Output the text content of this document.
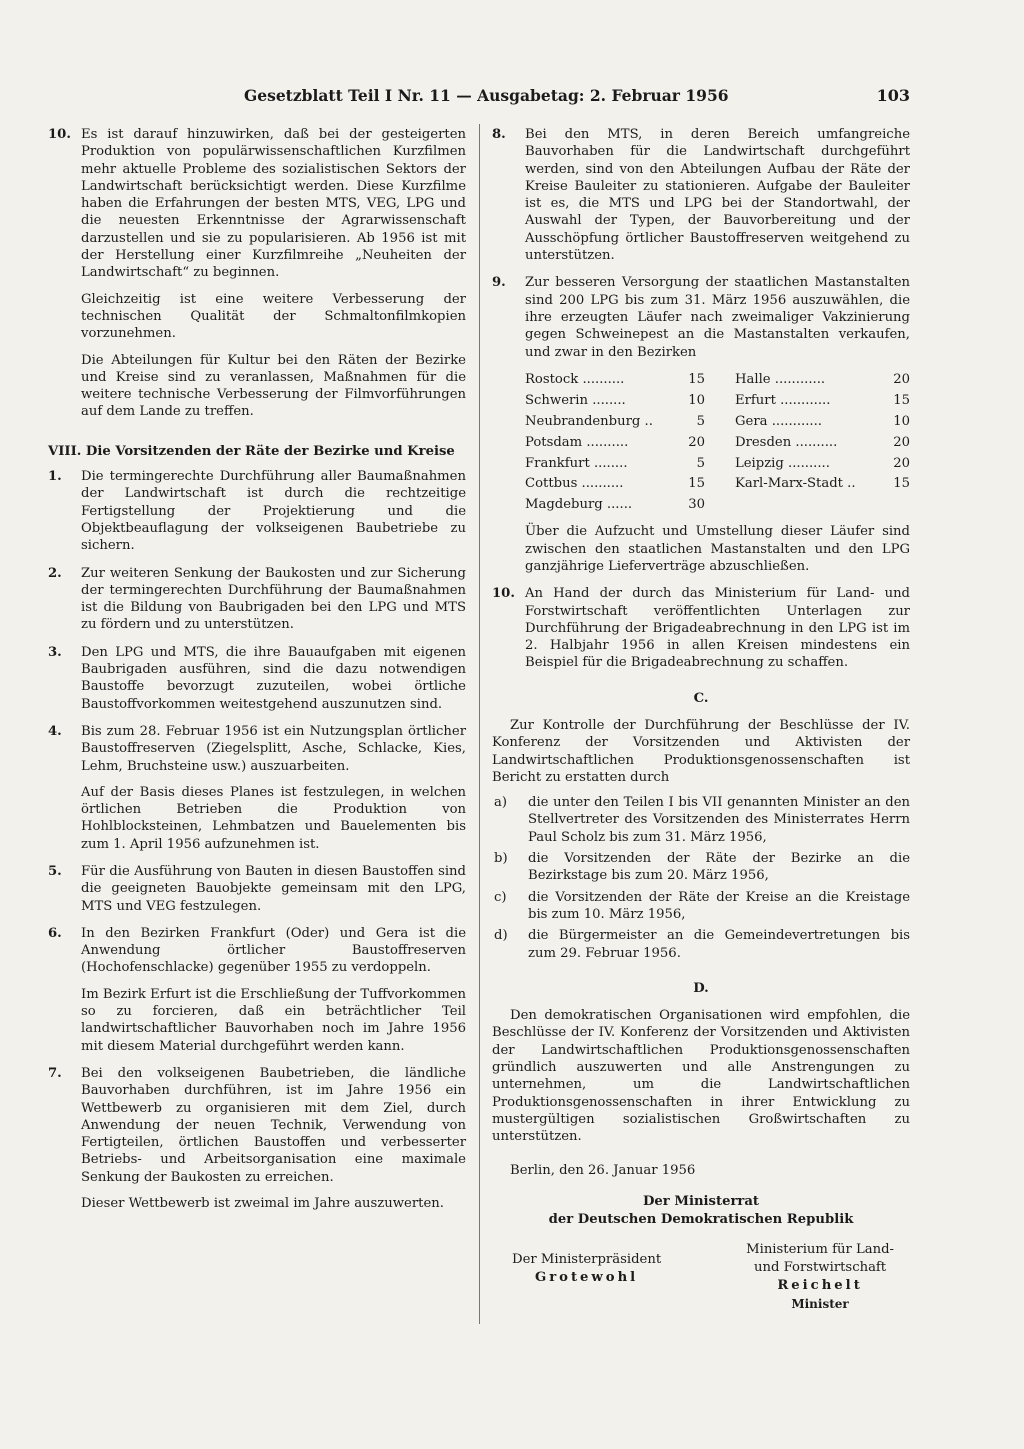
Gesetzblatt Teil I Nr. 11 — Ausgabetag: 2. Februar 1956	103
10. Es ist darauf hinzuwirken, daß bei der gesteigerten Produktion von populärwissenschaftlichen Kurzfilmen mehr aktuelle Probleme des sozialistischen Sektors der Landwirtschaft berücksichtigt werden. Diese Kurzfilme haben die Erfahrungen der besten MTS, VEG, LPG und die neuesten Erkenntnisse der Agrarwissenschaft darzustellen und sie zu popularisieren. Ab 1956 ist mit der Herstellung einer Kurzfilmreihe „Neuheiten der Landwirtschaft“ zu beginnen.

Gleichzeitig ist eine weitere Verbesserung der technischen Qualität der Schmaltonfilmkopien vorzunehmen.

Die Abteilungen für Kultur bei den Räten der Bezirke und Kreise sind zu veranlassen, Maßnahmen für die weitere technische Verbesserung der Filmvorführungen auf dem Lande zu treffen.

VIII. Die Vorsitzenden der Räte der Bezirke und Kreise
1.	Die termingerechte Durchführung aller Baumaßnahmen der Landwirtschaft ist durch die rechtzeitige Fertigstellung der Projektierung und die Objektbeauflagung der volkseigenen Baubetriebe zu sichern.

2.	Zur weiteren Senkung der Baukosten und zur Sicherung der termingerechten Durchführung der Baumaßnahmen ist die Bildung von Baubrigaden bei den LPG und MTS zu fördern und zu unterstützen.

3.	Den LPG und MTS, die ihre Bauaufgaben mit eigenen Baubrigaden ausführen, sind die dazu notwendigen Baustoffe bevorzugt zuzuteilen, wobei örtliche Baustoffvorkommen weitestgehend auszunutzen sind.

4.	Bis zum 28. Februar 1956 ist ein Nutzungsplan örtlicher Baustoffreserven (Ziegelsplitt, Asche, Schlacke, Kies, Lehm, Bruchsteine usw.) auszuarbeiten.

Auf der Basis dieses Planes ist festzulegen, in welchen örtlichen Betrieben die Produktion von Hohlblocksteinen, Lehmbatzen und Bauelementen bis zum 1. April 1956 aufzunehmen ist.

5.	Für die Ausführung von Bauten in diesen Baustoffen sind die geeigneten Bauobjekte gemeinsam mit den LPG, MTS und VEG festzulegen.

6.	In den Bezirken Frankfurt (Oder) und Gera ist die Anwendung örtlicher Baustoffreserven (Hochofenschlacke) gegenüber 1955 zu verdoppeln.

Im Bezirk Erfurt ist die Erschließung der Tuffvorkommen so zu forcieren, daß ein beträchtlicher Teil landwirtschaftlicher Bauvorhaben noch im Jahre 1956 mit diesem Material durchgeführt werden kann.

7.	Bei den volkseigenen Baubetrieben, die ländliche Bauvorhaben durchführen, ist im Jahre 1956 ein Wettbewerb zu organisieren mit dem Ziel, durch Anwendung der neuen Technik, Verwendung von Fertigteilen, örtlichen Baustoffen und verbesserter Betriebs- und Arbeitsorganisation eine maximale Senkung der Baukosten zu erreichen.

Dieser Wettbewerb ist zweimal im Jahre auszuwerten.

8.	Bei den MTS, in deren Bereich umfangreiche Bauvorhaben für die Landwirtschaft durchgeführt werden, sind von den Abteilungen Aufbau der Räte der Kreise Bauleiter zu stationieren. Aufgabe der Bauleiter ist es, die MTS und LPG bei der Standortwahl, der Auswahl der Typen, der Bauvorbereitung und der Ausschöpfung örtlicher Baustoffreserven weitgehend zu unterstützen.

9.	Zur besseren Versorgung der staatlichen Mastanstalten sind 200 LPG bis zum 31. März 1956 auszuwählen, die ihre erzeugten Läufer nach zweimaliger Vakzinierung gegen Schweinepest an die Mastanstalten verkaufen, und zwar in den Bezirken

Rostock ..........	15	Halle ............	20
Schwerin ........	10	Erfurt ............	15
Neubrandenburg ..	5	Gera ............	10
Potsdam ..........	20	Dresden ..........	20
Frankfurt ........	5	Leipzig ..........	20
Cottbus ..........	15	Karl-Marx-Stadt ..	15
Magdeburg ......	30		

Über die Aufzucht und Umstellung dieser Läufer sind zwischen den staatlichen Mastanstalten und den LPG ganzjährige Lieferverträge abzuschließen.

10. An Hand der durch das Ministerium für Land- und Forstwirtschaft veröffentlichten Unterlagen zur Durchführung der Brigadeabrechnung in den LPG ist im 2. Halbjahr 1956 in allen Kreisen mindestens ein Beispiel für die Brigadeabrechnung zu schaffen.

C.

Zur Kontrolle der Durchführung der Beschlüsse der IV. Konferenz der Vorsitzenden und Aktivisten der Landwirtschaftlichen Produktionsgenossenschaften ist Bericht zu erstatten durch

a)	die unter den Teilen I bis VII genannten Minister an den Stellvertreter des Vorsitzenden des Ministerrates Herrn Paul Scholz bis zum 31. März 1956,
b)	die Vorsitzenden der Räte der Bezirke an die Bezirkstage bis zum 20. März 1956,
c)	die Vorsitzenden der Räte der Kreise an die Kreistage bis zum 10. März 1956,
d)	die Bürgermeister an die Gemeindevertretungen bis zum 29. Februar 1956.
D.

Den demokratischen Organisationen wird empfohlen, die Beschlüsse der IV. Konferenz der Vorsitzenden und Aktivisten der Landwirtschaftlichen Produktionsgenossenschaften gründlich auszuwerten und alle Anstrengungen zu unternehmen, um die Landwirtschaftlichen Produktionsgenossenschaften in ihrer Entwicklung zu mustergültigen sozialistischen Großwirtschaften zu unterstützen.

Berlin, den 26. Januar 1956
Der Ministerrat
der Deutschen Demokratischen Republik
Der Ministerpräsident
Grotewohl
Ministerium für Land-
und Forstwirtschaft
Reichelt
Minister
